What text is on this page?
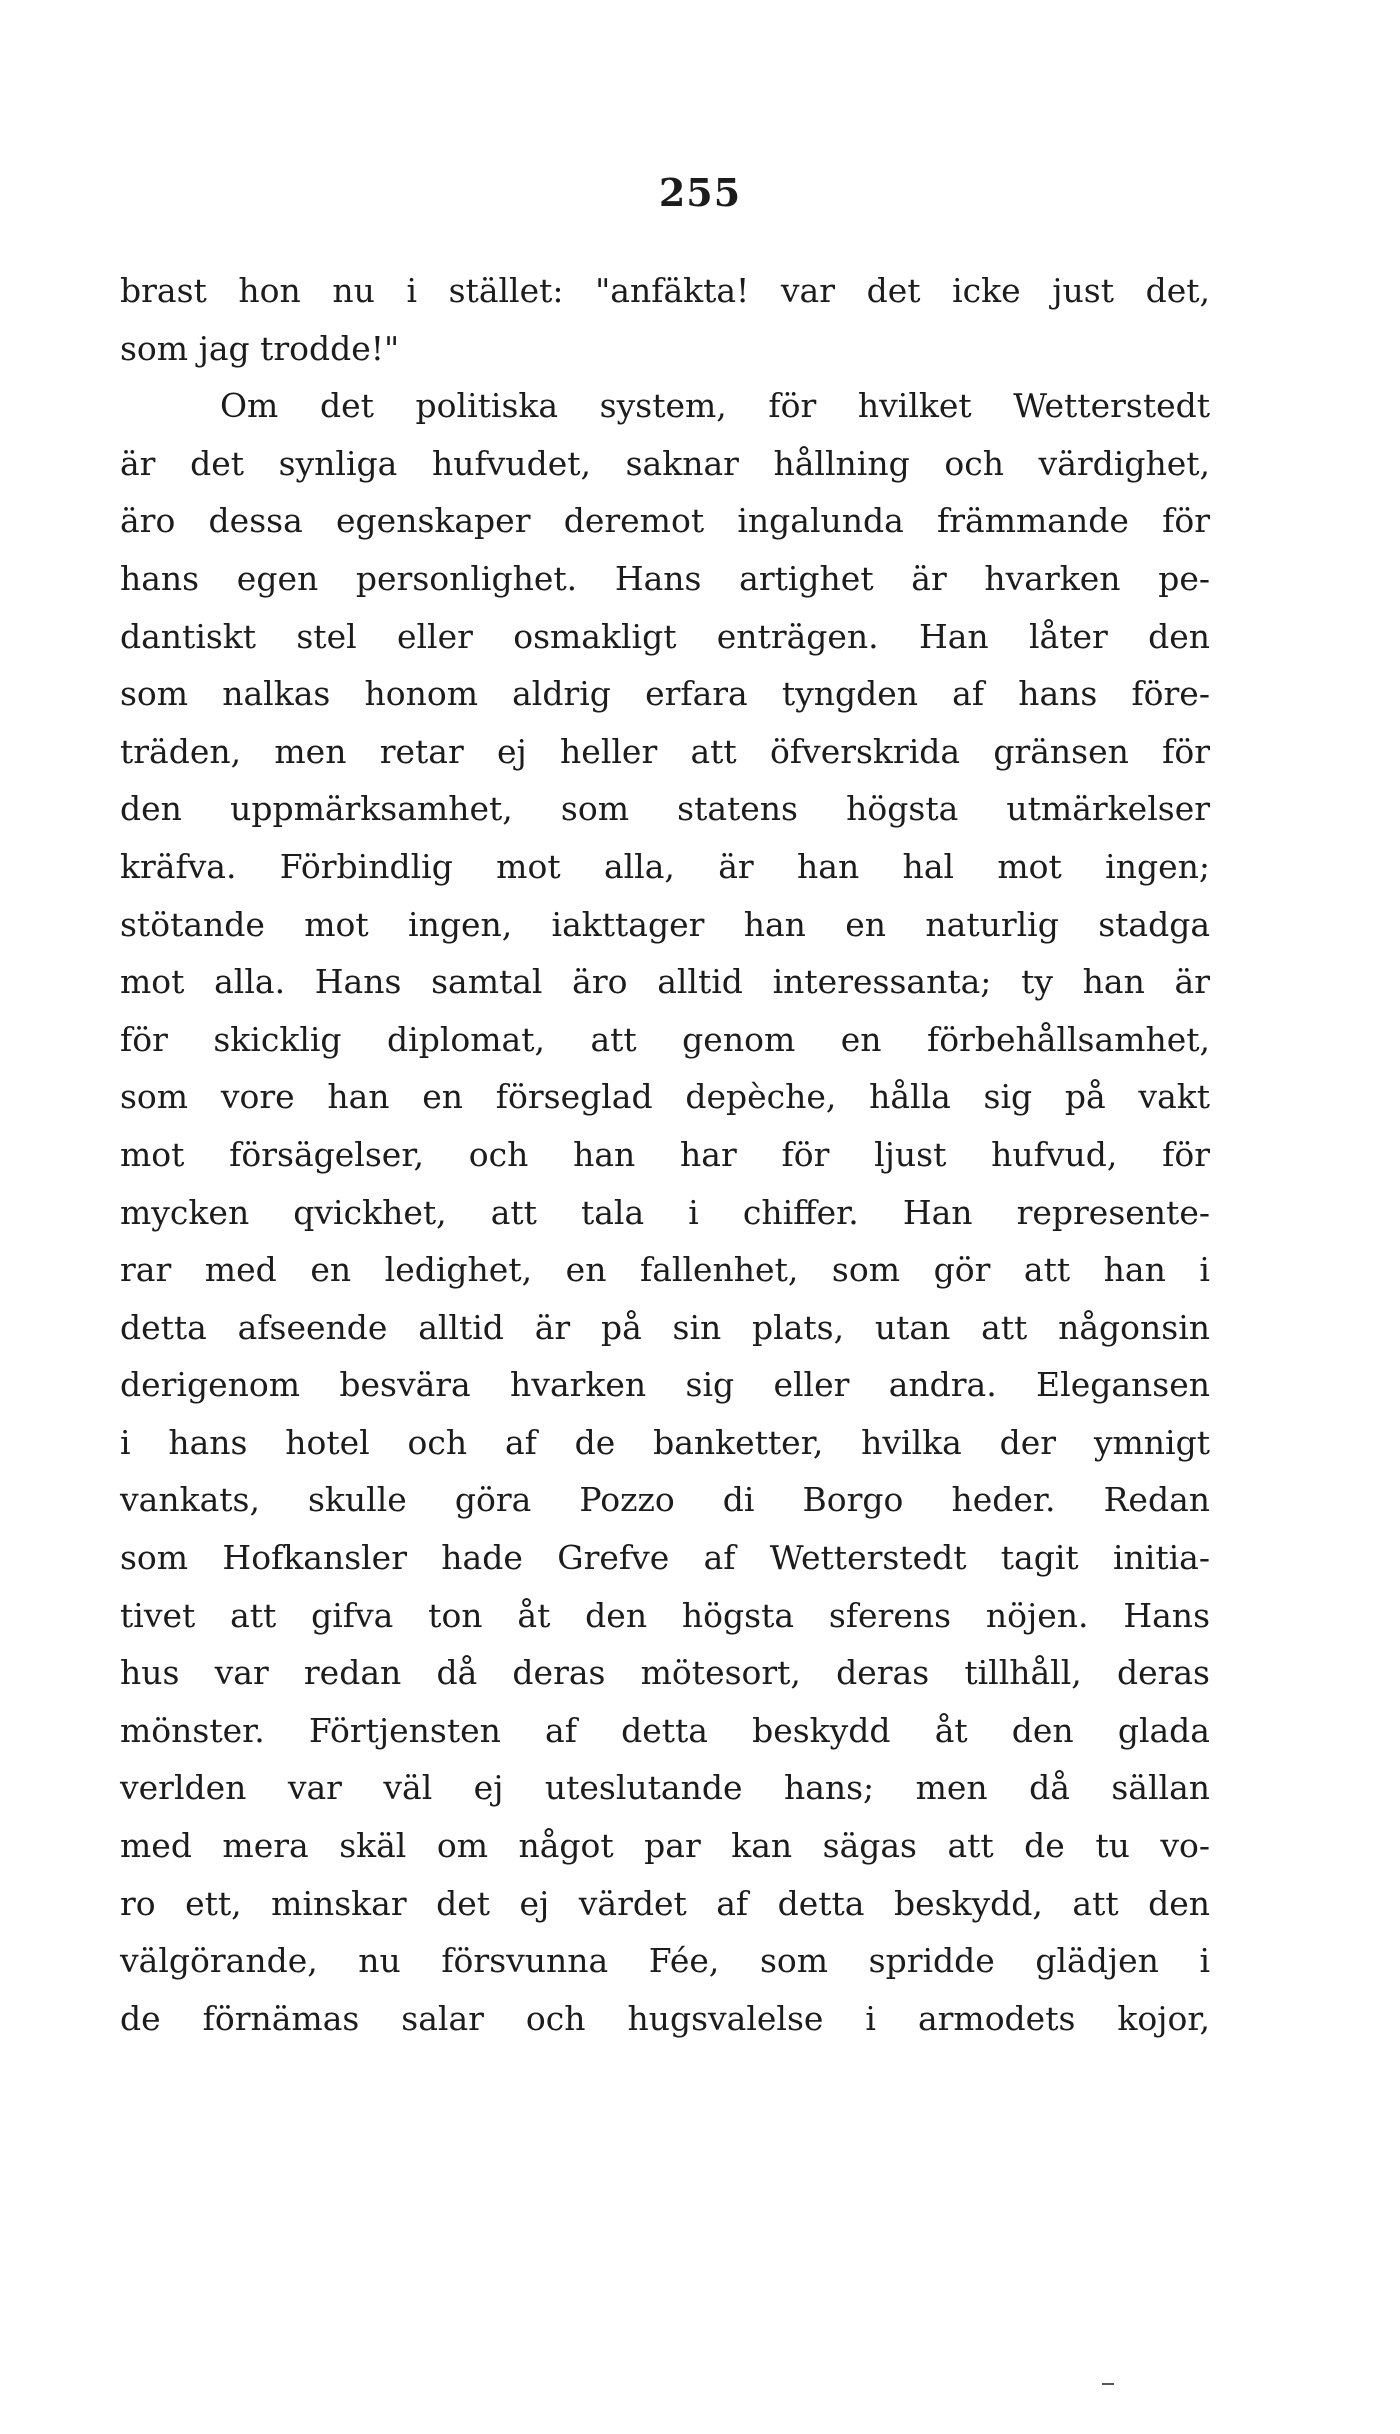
255
brast hon nu i stället: "anfäkta! var det icke just det,
som jag trodde!"
Om det politiska system, för hvilket Wetterstedt
är det synliga hufvudet, saknar hållning och värdighet,
äro dessa egenskaper deremot ingalunda främmande för
hans egen personlighet. Hans artighet är hvarken pe-
dantiskt stel eller osmakligt enträgen. Han låter den
som nalkas honom aldrig erfara tyngden af hans före-
träden, men retar ej heller att öfverskrida gränsen för
den uppmärksamhet, som statens högsta utmärkelser
kräfva. Förbindlig mot alla, är han hal mot ingen;
stötande mot ingen, iakttager han en naturlig stadga
mot alla. Hans samtal äro alltid interessanta; ty han är
för skicklig diplomat, att genom en förbehållsamhet,
som vore han en förseglad depèche, hålla sig på vakt
mot försägelser, och han har för ljust hufvud, för
mycken qvickhet, att tala i chiffer. Han represente-
rar med en ledighet, en fallenhet, som gör att han i
detta afseende alltid är på sin plats, utan att någonsin
derigenom besvära hvarken sig eller andra. Elegansen
i hans hotel och af de banketter, hvilka der ymnigt
vankats, skulle göra Pozzo di Borgo heder. Redan
som Hofkansler hade Grefve af Wetterstedt tagit initia-
tivet att gifva ton åt den högsta sferens nöjen. Hans
hus var redan då deras mötesort, deras tillhåll, deras
mönster. Förtjensten af detta beskydd åt den glada
verlden var väl ej uteslutande hans; men då sällan
med mera skäl om något par kan sägas att de tu vo-
ro ett, minskar det ej värdet af detta beskydd, att den
välgörande, nu försvunna Fée, som spridde glädjen i
de förnämas salar och hugsvalelse i armodets kojor,
